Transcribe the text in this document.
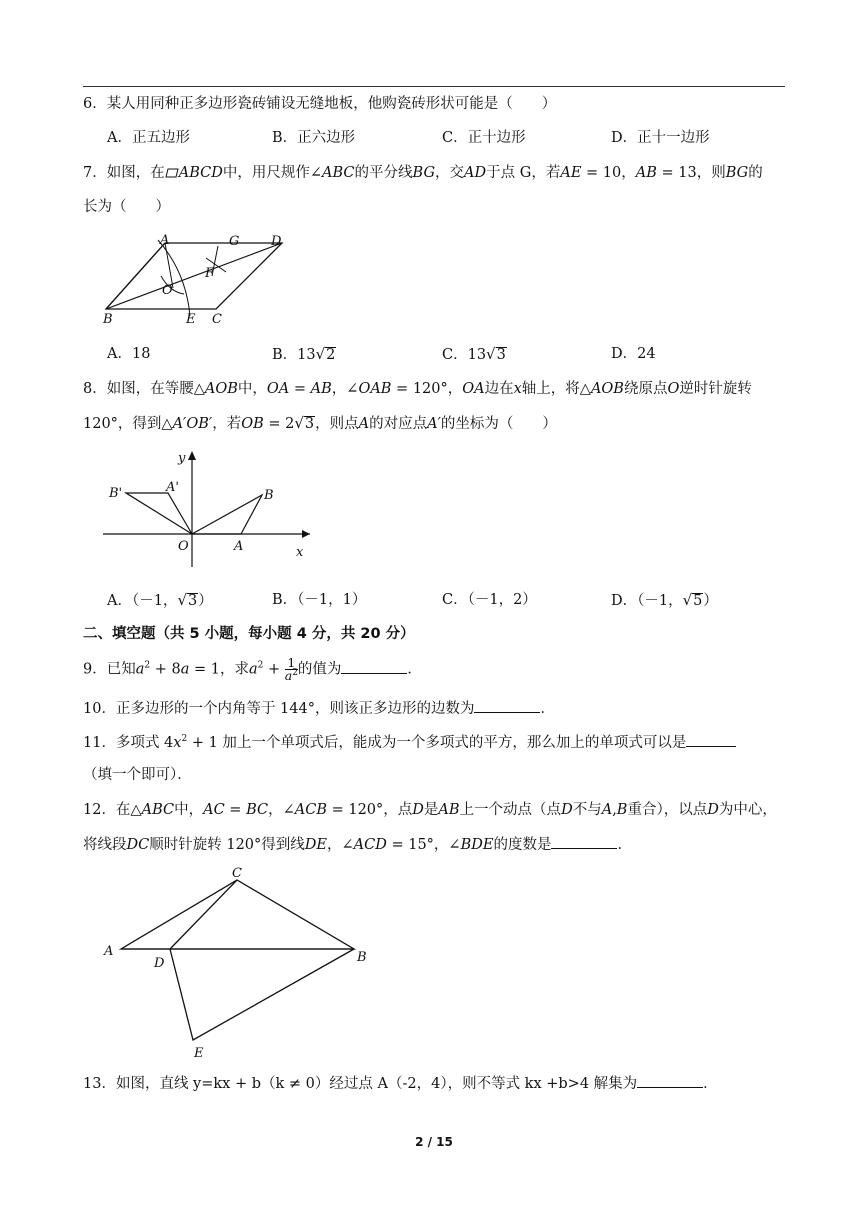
6．某人用同种正多边形瓷砖铺设无缝地板，他购瓷砖形状可能是（　　）
A．正五边形	B．正六边形	C．正十边形	D．正十一边形
7．如图，在 ABCD中，用尺规作∠ABC的平分线BG，交AD于点 G，若AE = 10，AB = 13，则BG的
长为（　　）
A	G D
F
O
B	E C
A．18	B．13√2	C．13√3	D．24
8．如图，在等腰△AOB中，OA = AB，∠OAB = 120°，OA边在x轴上，将△AOB绕原点O逆时针旋转
120°，得到△A′OB′，若OB = 2√3，则点A的对应点A′的坐标为（　　）
y
B'	A'
B
O	A	x
A．（－1，√3）	B．（－1，1）	C．（－1，2）	D．（－1，√5）
二、填空题（共 5 小题，每小题 4 分，共 20 分）
9．已知$a^2 + 8a = 1$，求$a^2 + \frac{1}{a^2}$ 的值为	．
10．正多边形的一个内角等于 144°，则该正多边形的边数为	．
11．多项式 $4x^2 + 1$ 加上一个单项式后，能成为一个多项式的平方，那么加上的单项式可以是
（填一个即可）．
12．在△ABC中，AC = BC，∠ACB = 120°，点D是AB上一个动点（点D不与A,B重合），以点D为中心，
将线段DC顺时针旋转 120°得到线DE，∠ACD = 15°，∠BDE的度数是	．
C
A
D	B
E
13．如图，直线 y=kx + b（k ≠ 0）经过点 A（-2，4），则不等式 kx +b>4 解集为	．
2 / 15
